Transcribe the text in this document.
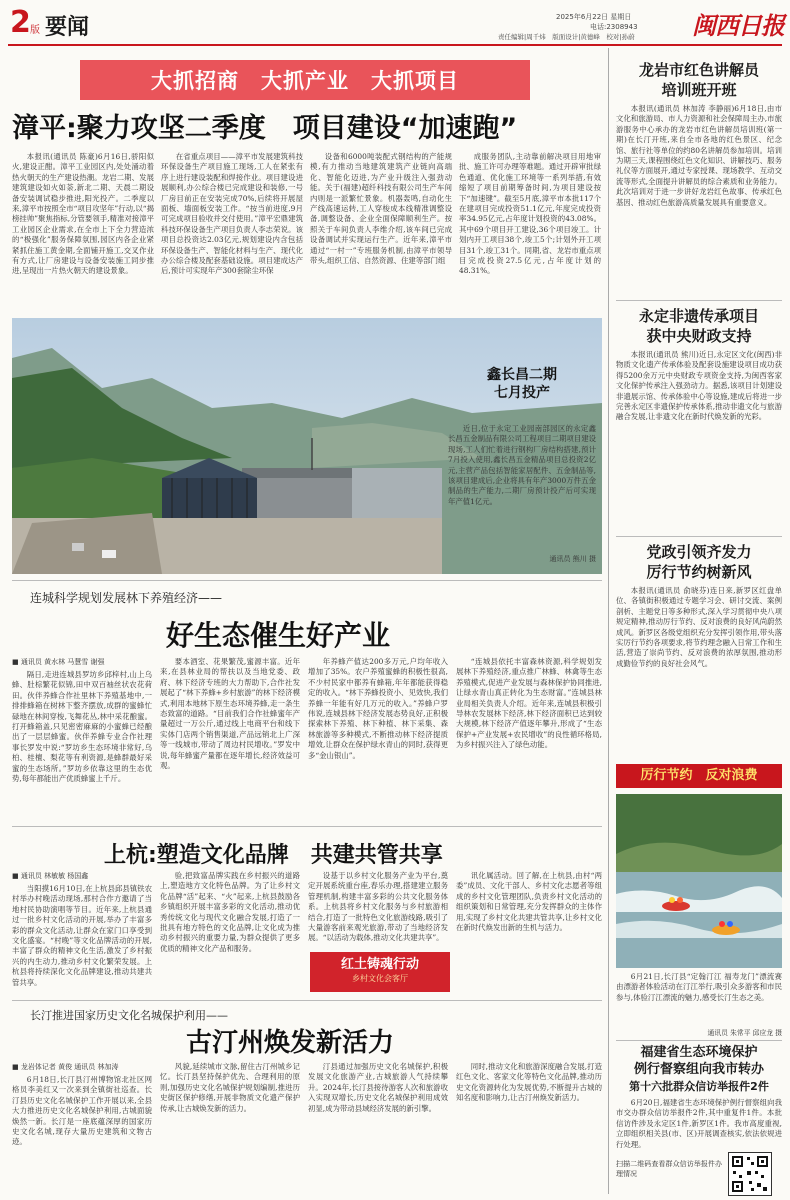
2 版 要闻	2025年6月22日 星期日
电话:2308943
责任编辑|周千炜　版面设计|黄德峰　校对|孙蔚 闽西日报
大抓招商　大抓产业　大抓项目
漳平:聚力攻坚二季度　项目建设“加速跑”

本报讯(通讯员 陈豪)6月16日,骄阳似火,建设正酣。漳平工业园区内,处处涌动着热火朝天的生产建设热潮。龙岩二期、发展建筑建设如火如荼,新北二期、天晨二期设备安装调试稳步推进,阳光投产。二季度以来,漳平市按照全市“项目攻坚年”行动,以“揭榜挂帅”聚焦指标,分管要领手,精准对接漳平工业园区企业需求,在全市上下全力营造浓的“极强化”服务保障氛围,园区内各企业紧紧抓住施工黄金期,全面铺开施工,交叉作业有方式,让厂房建设与设备安装施工同步推进,呈现出一片热火朝天的建设景象。

在省重点项目——漳平市发展建筑科技环保设备生产项目施工现场,工人在紧张有序上进行建设装配和焊接作业。项目建设进展顺利,办公综合楼已完成建设和装修,一号厂房目前正在安装完成70%,后续将开展屋面板、墙面板安装工作。“按当前进度,9月可完成项目验收并交付使用。”漳平宏鼎建筑科技环保设备生产项目负责人李志荣说。该项目总投资达2.03亿元,规划建设内含包括环保设备生产、智能化材料与生产、现代化办公综合楼及配套基础设施。项目建成达产后,预计可实现年产300套除尘环保

设备和6000吨装配式钢结构的产能规模,有力推动当地建筑建筑产业链向高端化、智能化迈进,为产业升级注入强劲动能。关于(福建)超纤科技有限公司生产车间内则是一派繁忙景象。机器轰鸣,自动化生产线高速运转,工人穿梭成本线精准调整设备,调整设备、企业全面保障顺利生产。按照关于车间负责人李维介绍,该车间已完成设备调试并实现运行生产。近年来,漳平市通过“一村一”专班服务机制,由漳平市领导带头,组织工信、自然资源、住建等部门组

成服务团队,主动靠前解决项目用地审批、施工许可办理等难题。通过开辟审批绿色通道、优化施工环境等一系列举措,有效缩短了项目前期筹备时间,为项目建设按下“加速键”。截至5月底,漳平市本批117个在建项目完成投资51.1亿元,年度完成投资率34.95亿元,占年度计划投资的43.08%。其中69个项目开工建设,36个项目竣工。计划内开工项目38个,竣工5个;计划外开工项目31个,竣工31个。同期,省、龙岩市重点项目完成投资27.5亿元,占年度计划的48.31%。

鑫长昌二期
七月投产

近日,位于永定工业园南部园区的永定鑫长昌五金制品有限公司工程项目二期项目建设现场,工人们忙着进行钢构厂房结构搭建,预计7月投入使用,鑫长昌五金精品项目总投资2亿元,主营产品包括智能家居配件、五金制品等,该项目建成后,企业将具有年产3000万件五金制品的生产能力,二期厂房预计投产后可实现年产值1亿元。

通讯员 熊川 摄
连城科学规划发展林下养殖经济——
好生态催生好产业
■ 通讯员 黄水林 马慧雪 谢强

隔日,走进连城县罗坊乡邱梓村,山上乌蜂、肚棕繁花似锦,田中双百袖丝状农花荷田。伙伴养蜂合作社里林下养殖基地中,一排排蜂箱在树林下整齐摆放,成群的蜜蜂忙碌地在林间穿梭,飞舞花丛,林中采花酿蜜。打开蜂箱盖,只见密密麻麻的小蜜蜂已经酿出了一层层蜂蜜。伙伴养蜂专业合作社理事长罗发中说:“罗坊乡生态环境非常好,乌柏、桂檀、梨花等有利资源,是蜂群最好采蜜的生态场所。”罗坊乡依靠这里的生态优势,每年都能出产优质蜂蜜上千斤。

要本酒室、花果繁茂,蜜源丰富。近年来,在县林业局的帮扶以及当地党委、政府、林下经济专班的大力帮助下,合作社发展起了“林下养蜂+乡村旅游”的林下经济模式,利用本地林下原生态环境养蜂,走一条生态致富的道路。“目前我们合作社蜂蜜年产量超过一万公斤,通过线上电商平台和线下实体门店两个销售渠道,产品远销北上广深等一线城市,带动了周边村民增收。”罗发中说,每年蜂蜜产量都在逐年增长,经济效益可观。

年养蜂产值达200多万元,户均年收入增加了35%。农户养殖蜜蜂的积极性很高,不少村民家中都养有蜂箱,年年都能获得稳定的收入。“林下养蜂投资小、见效快,我们养蜂一年能有好几万元的收入。”养蜂户罗伟说,连城县林下经济发展态势良好,正积极探索林下养殖、林下种植、林下采集、森林旅游等多种模式,不断推动林下经济提质增效,让群众在保护绿水青山的同时,获得更多“金山银山”。

“连城县依托丰富森林资源,科学规划发展林下养殖经济,重点推广林蜂、林禽等生态养殖模式,促进产业发展与森林保护协同推进,让绿水青山真正转化为生态财富。”连城县林业局相关负责人介绍。近年来,连城县积极引导林农发展林下经济,林下经济面积已达到较大规模,林下经济产值逐年攀升,形成了“生态保护+产业发展+农民增收”的良性循环格局,为乡村振兴注入了绿色动能。

上杭:塑造文化品牌　共建共管共享
■ 通讯员 林敏敏 杨国鑫

当阳摸16月10日,在上杭县邱县镇铁农村举办村晚活动现场,那村合作方邀请了当地村民协助演唱等节目。近年来,上杭县通过一批乡村文化活动的开展,举办了丰富多彩的群众文化活动,让群众在家门口享受到文化盛宴。“村晚”等文化品牌活动的开展,丰富了群众的精神文化生活,激发了乡村振兴的内生动力,推动乡村文化繁荣发展。上杭县将持续深化文化品牌建设,推动共建共管共享。

验,把致富品牌实践在乡村振兴的道路上,塑造地方文化特色品牌。为了让乡村文化品牌“活”起来、“火”起来,上杭县鼓励各乡镇组织开展丰富多彩的文化活动,推动优秀传统文化与现代文化融合发展,打造了一批具有地方特色的文化品牌,让文化成为推动乡村振兴的重要力量,为群众提供了更多优质的精神文化产品和服务。

设基于以乡村文化服务产业为平台,奠定开展系统重台座,春乐办理,搭建建立服务管理机制,构建丰富多彩的公共文化服务体系。上杭县将乡村文化服务与乡村旅游相结合,打造了一批特色文化旅游线路,吸引了大量游客前来观光旅游,带动了当地经济发展。“以活动为载体,推动文化共建共享”。

讯化属活动。回了解,在上杭县,由村“两委”成员、文化干部人、乡村文化志愿者等组成的乡村文化管理团队,负责乡村文化活动的组织策划和日常管理,充分发挥群众的主体作用,实现了乡村文化共建共管共享,让乡村文化在新时代焕发出新的生机与活力。

红土铸魂行动
乡村文化会客厅
长汀推进国家历史文化名城保护利用——
古汀州焕发新活力
■ 龙岩体记者 黄俊 通讯员 林加涛

6月18日,长汀县汀州博物馆北社区网格员李美红又一次来到全镇街社巡查。长汀县历史文化名城保护工作开展以来,全县大力推进历史文化名城保护利用,古城面貌焕然一新。长汀是一座底蕴深厚的国家历史文化名城,现存大量历史建筑和文物古迹。

风貌,延续城市文脉,留住古汀州城乡记忆。长汀县坚持保护优先、合理利用的原则,加强历史文化名城保护规划编制,推进历史街区保护修缮,开展非物质文化遗产保护传承,让古城焕发新的活力。

汀县通过加强历史文化名城保护,积极发展文化旅游产业,古城旅游人气持续攀升。2024年,长汀县接待游客人次和旅游收入实现双增长,历史文化名城保护利用成效初显,成为带动县域经济发展的新引擎。

同时,推动文化和旅游深度融合发展,打造红色文化、客家文化等特色文化品牌,推动历史文化资源转化为发展优势,不断提升古城的知名度和影响力,让古汀州焕发新活力。

龙岩市红色讲解员
培训班开班

本报讯(通讯员 林加涛 李静丽)6月18日,由市文化和旅游局、市人力资源和社会保障局主办,市旅游服务中心承办的龙岩市红色讲解员培训班(第一期)在长汀开班,来自全市各地的红色景区、纪念馆、旅行社等单位的约80名讲解员参加培训。培训为期三天,课程围绕红色文化知识、讲解技巧、服务礼仪等方面展开,通过专家授课、现场教学、互动交流等形式,全面提升讲解员的综合素质和业务能力。此次培训对于进一步讲好龙岩红色故事、传承红色基因、推动红色旅游高质量发展具有重要意义。

永定非遗传承项目
获中央财政支持

本报讯(通讯员 熊川)近日,永定区文化(闽西)非物质文化遗产传承体验及配套设施建设项目成功获得5200余万元中央财政专项资金支持,为闽西客家文化保护传承注入强劲动力。据悉,该项目计划建设非遗展示馆、传承体验中心等设施,建成后将进一步完善永定区非遗保护传承体系,推动非遗文化与旅游融合发展,让非遗文化在新时代焕发新的光彩。

党政引领齐发力
厉行节约树新风

本报讯(通讯员 俞晓芬)连日来,新罗区红盘单位、各镇街积极通过专题学习会、研讨交流、案例剖析、主题党日等多种形式,深入学习贯彻中央八项规定精神,推动厉行节约、反对浪费的良好风尚蔚然成风。新罗区各级党组织充分发挥引领作用,带头落实厉行节约各项要求,将节约理念融入日常工作和生活,营造了崇尚节约、反对浪费的浓厚氛围,推动形成勤俭节约的良好社会风气。

厉行节约　反对浪费

6月21日,长汀县“定翰汀江 福寿龙门”漂流赛由漂游者体验活动在汀江举行,吸引众多游客和市民参与,体验汀江漂流的魅力,感受长汀生态之美。

通讯员 朱常平 邱应龙 摄
福建省生态环境保护
例行督察组向我市转办
第十六批群众信访举报件2件

6月20日,福建省生态环境保护例行督察组向我市交办群众信访举报件2件,其中重复件1件。本批信访件涉及永定区1件,新罗区1件。我市高度重视,立即组织相关县(市、区)开展调查核实,依法依规进行处理。

扫描二维码查看群众信访举报件办理情况
